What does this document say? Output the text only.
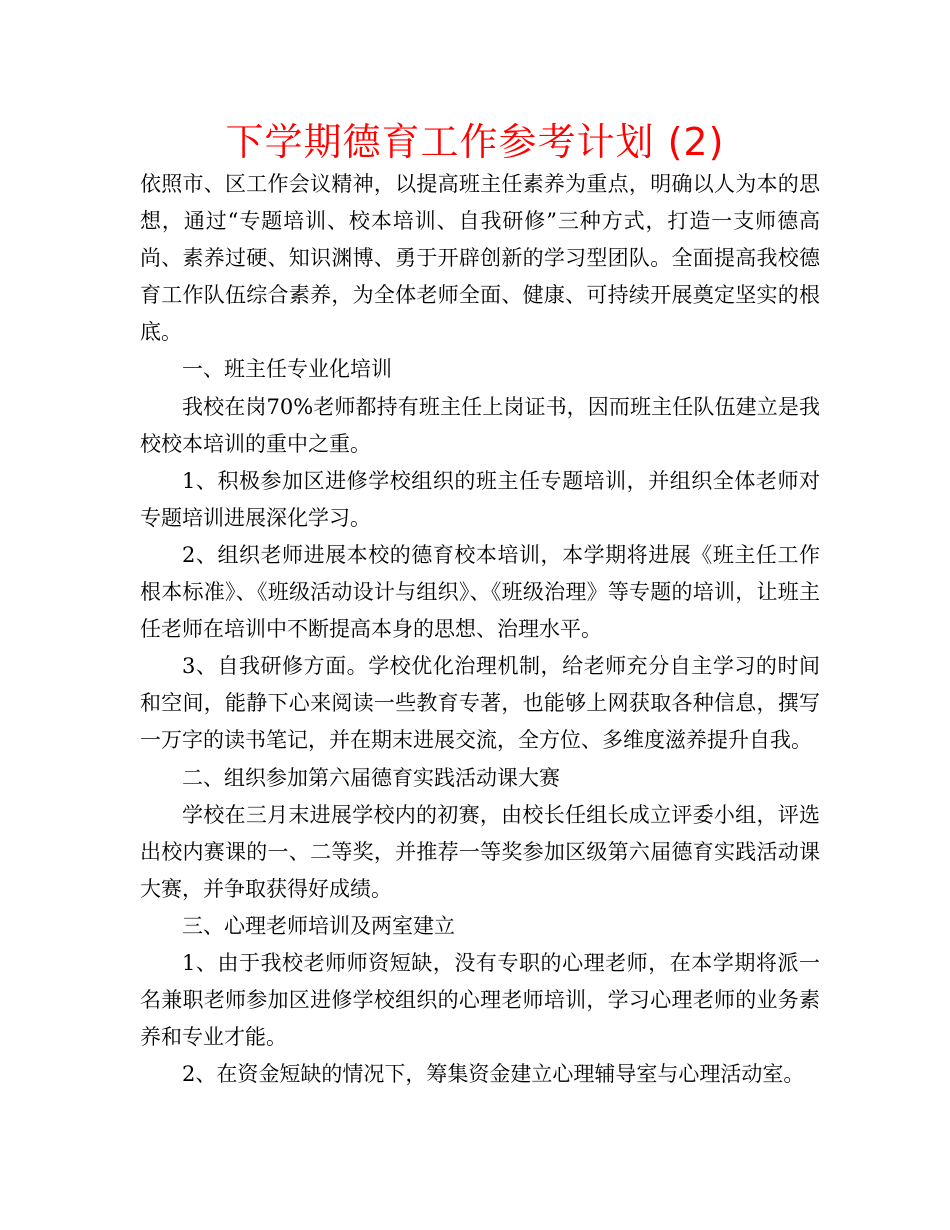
下学期德育工作参考计划 (2)

依照市、区工作会议精神，以提高班主任素养为重点，明确以人为本的思想，通过“专题培训、校本培训、自我研修”三种方式，打造一支师德高尚、素养过硬、知识渊博、勇于开辟创新的学习型团队。全面提高我校德育工作队伍综合素养，为全体老师全面、健康、可持续开展奠定坚实的根底。

一、班主任专业化培训

我校在岗70%老师都持有班主任上岗证书，因而班主任队伍建立是我校校本培训的重中之重。

1、积极参加区进修学校组织的班主任专题培训，并组织全体老师对专题培训进展深化学习。

2、组织老师进展本校的德育校本培训，本学期将进展《班主任工作根本标准》、《班级活动设计与组织》、《班级治理》等专题的培训，让班主任老师在培训中不断提高本身的思想、治理水平。

3、自我研修方面。学校优化治理机制，给老师充分自主学习的时间和空间，能静下心来阅读一些教育专著，也能够上网获取各种信息，撰写一万字的读书笔记，并在期末进展交流，全方位、多维度滋养提升自我。

二、组织参加第六届德育实践活动课大赛

学校在三月末进展学校内的初赛，由校长任组长成立评委小组，评选出校内赛课的一、二等奖，并推荐一等奖参加区级第六届德育实践活动课大赛，并争取获得好成绩。

三、心理老师培训及两室建立

1、由于我校老师师资短缺，没有专职的心理老师，在本学期将派一名兼职老师参加区进修学校组织的心理老师培训，学习心理老师的业务素养和专业才能。

2、在资金短缺的情况下，筹集资金建立心理辅导室与心理活动室。
